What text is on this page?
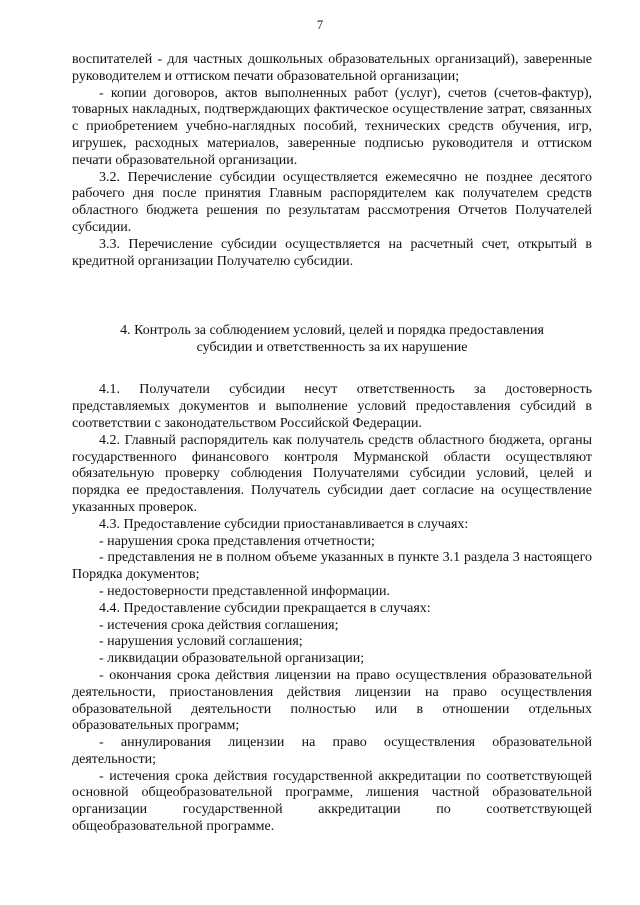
7

воспитателей - для частных дошкольных образовательных организаций), заверенные руководителем и оттиском печати образовательной организации;

- копии договоров, актов выполненных работ (услуг), счетов (счетов-фактур), товарных накладных, подтверждающих фактическое осуществление затрат, связанных с приобретением учебно-наглядных пособий, технических средств обучения, игр, игрушек, расходных материалов, заверенные подписью руководителя и оттиском печати образовательной организации.

3.2. Перечисление субсидии осуществляется ежемесячно не позднее десятого рабочего дня после принятия Главным распорядителем как получателем средств областного бюджета решения по результатам рассмотрения Отчетов Получателей субсидии.

3.3. Перечисление субсидии осуществляется на расчетный счет, открытый в кредитной организации Получателю субсидии.

4. Контроль за соблюдением условий, целей и порядка предоставления
субсидии и ответственность за их нарушение

4.1. Получатели субсидии несут ответственность за достоверность представляемых документов и выполнение условий предоставления субсидий в соответствии с законодательством Российской Федерации.

4.2. Главный распорядитель как получатель средств областного бюджета, органы государственного финансового контроля Мурманской области осуществляют обязательную проверку соблюдения Получателями субсидии условий, целей и порядка ее предоставления. Получатель субсидии дает согласие на осуществление указанных проверок.

4.3. Предоставление субсидии приостанавливается в случаях:

- нарушения срока представления отчетности;

- представления не в полном объеме указанных в пункте 3.1 раздела 3 настоящего Порядка документов;

- недостоверности представленной информации.

4.4. Предоставление субсидии прекращается в случаях:

- истечения срока действия соглашения;

- нарушения условий соглашения;

- ликвидации образовательной организации;

- окончания срока действия лицензии на право осуществления образовательной деятельности, приостановления действия лицензии на право осуществления образовательной деятельности полностью или в отношении отдельных образовательных программ;

- аннулирования лицензии на право осуществления образовательной деятельности;

- истечения срока действия государственной аккредитации по соответствующей основной общеобразовательной программе, лишения частной образовательной организации государственной аккредитации по соответствующей общеобразовательной программе.
